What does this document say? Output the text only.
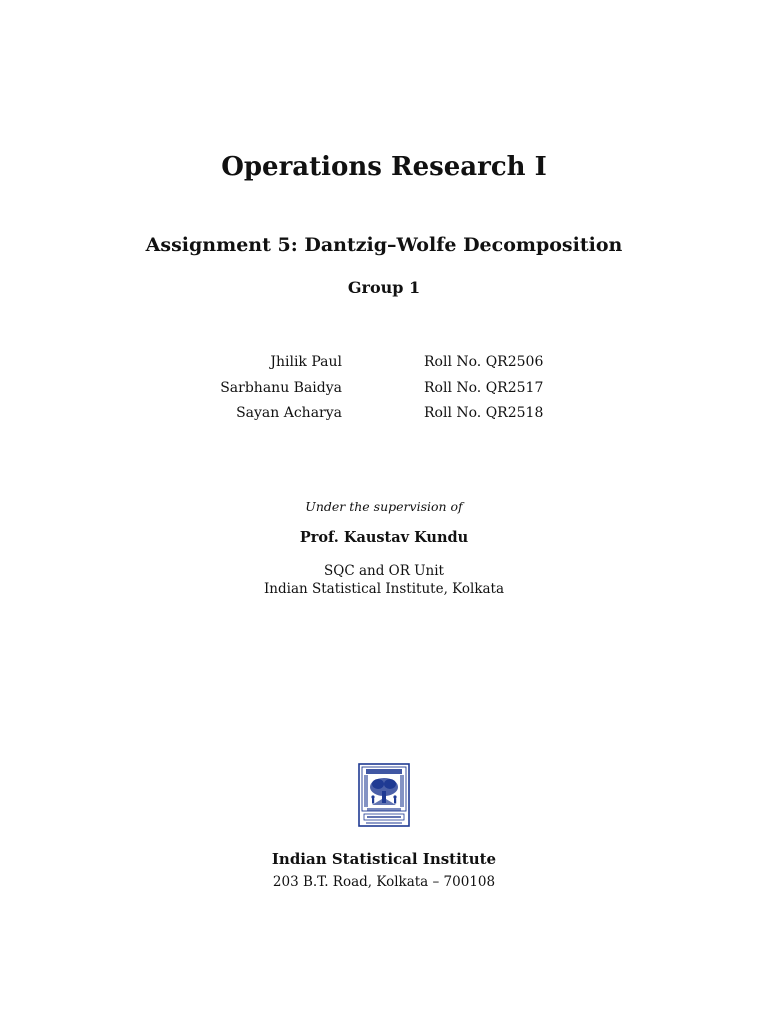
Operations Research I
Assignment 5: Dantzig–Wolfe Decomposition
Group 1
Jhilik Paul	Roll No. QR2506
Sarbhanu Baidya	Roll No. QR2517
Sayan Acharya	Roll No. QR2518
Under the supervision of
Prof. Kaustav Kundu
SQC and OR Unit
Indian Statistical Institute, Kolkata
Indian Statistical Institute
203 B.T. Road, Kolkata – 700108
